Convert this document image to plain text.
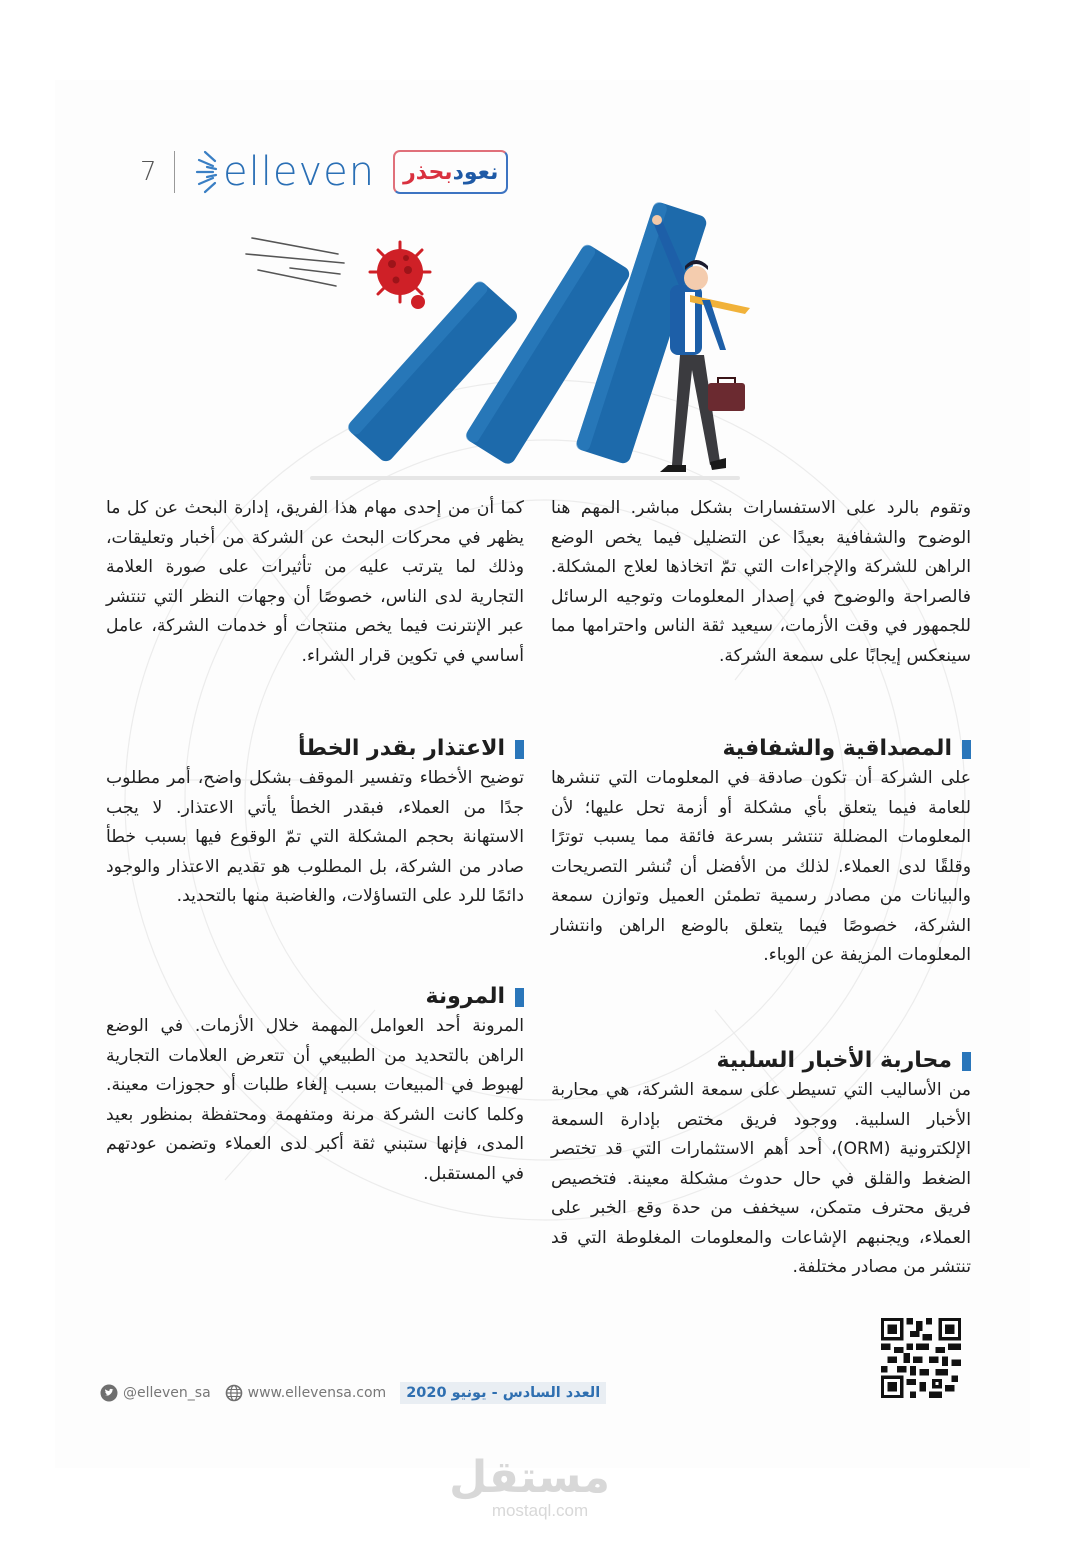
7 elleven	نعود
بحذر

وتقوم بالرد على الاستفسارات بشكل مباشر. المهم هنا الوضوح والشفافية بعيدًا عن التضليل فيما يخص الوضع الراهن للشركة والإجراءات التي تمّ اتخاذها لعلاج المشكلة. فالصراحة والوضوح في إصدار المعلومات وتوجيه الرسائل للجمهور في وقت الأزمات، سيعيد ثقة الناس واحترامها مما سينعكس إيجابًا على سمعة الشركة.

المصداقية والشفافية

على الشركة أن تكون صادقة في المعلومات التي تنشرها للعامة فيما يتعلق بأي مشكلة أو أزمة تحل عليها؛ لأن المعلومات المضللة تنتشر بسرعة فائقة مما يسبب توترًا وقلقًا لدى العملاء. لذلك من الأفضل أن تُنشر التصريحات والبيانات من مصادر رسمية تطمئن العميل وتوازن سمعة الشركة، خصوصًا فيما يتعلق بالوضع الراهن وانتشار المعلومات المزيفة عن الوباء.

محاربة الأخبار السلبية

من الأساليب التي تسيطر على سمعة الشركة، هي محاربة الأخبار السلبية. ووجود فريق مختص بإدارة السمعة الإلكترونية (ORM)، أحد أهم الاستثمارات التي قد تختصر الضغط والقلق في حال حدوث مشكلة معينة. فتخصيص فريق محترف متمكن، سيخفف من حدة وقع الخبر على العملاء، ويجنبهم الإشاعات والمعلومات المغلوطة التي قد تنتشر من مصادر مختلفة.

كما أن من إحدى مهام هذا الفريق، إدارة البحث عن كل ما يظهر في محركات البحث عن الشركة من أخبار وتعليقات، وذلك لما يترتب عليه من تأثيرات على صورة العلامة التجارية لدى الناس، خصوصًا أن وجهات النظر التي تنتشر عبر الإنترنت فيما يخص منتجات أو خدمات الشركة، عامل أساسي في تكوين قرار الشراء.

الاعتذار بقدر الخطأ

توضيح الأخطاء وتفسير الموقف بشكل واضح، أمر مطلوب جدًا من العملاء، فبقدر الخطأ يأتي الاعتذار. لا يجب الاستهانة بحجم المشكلة التي تمّ الوقوع فيها بسبب خطأ صادر من الشركة، بل المطلوب هو تقديم الاعتذار والوجود دائمًا للرد على التساؤلات، والغاضبة منها بالتحديد.

المرونة

المرونة أحد العوامل المهمة خلال الأزمات. في الوضع الراهن بالتحديد من الطبيعي أن تتعرض العلامات التجارية لهبوط في المبيعات بسبب إلغاء طلبات أو حجوزات معينة. وكلما كانت الشركة مرنة ومتفهمة ومحتفظة بمنظور بعيد المدى، فإنها ستبني ثقة أكبر لدى العملاء وتضمن عودتهم في المستقبل.

@elleven_sa	www.ellevensa.com	العدد السادس - يونيو 2020
مستقل
mostaql.com
